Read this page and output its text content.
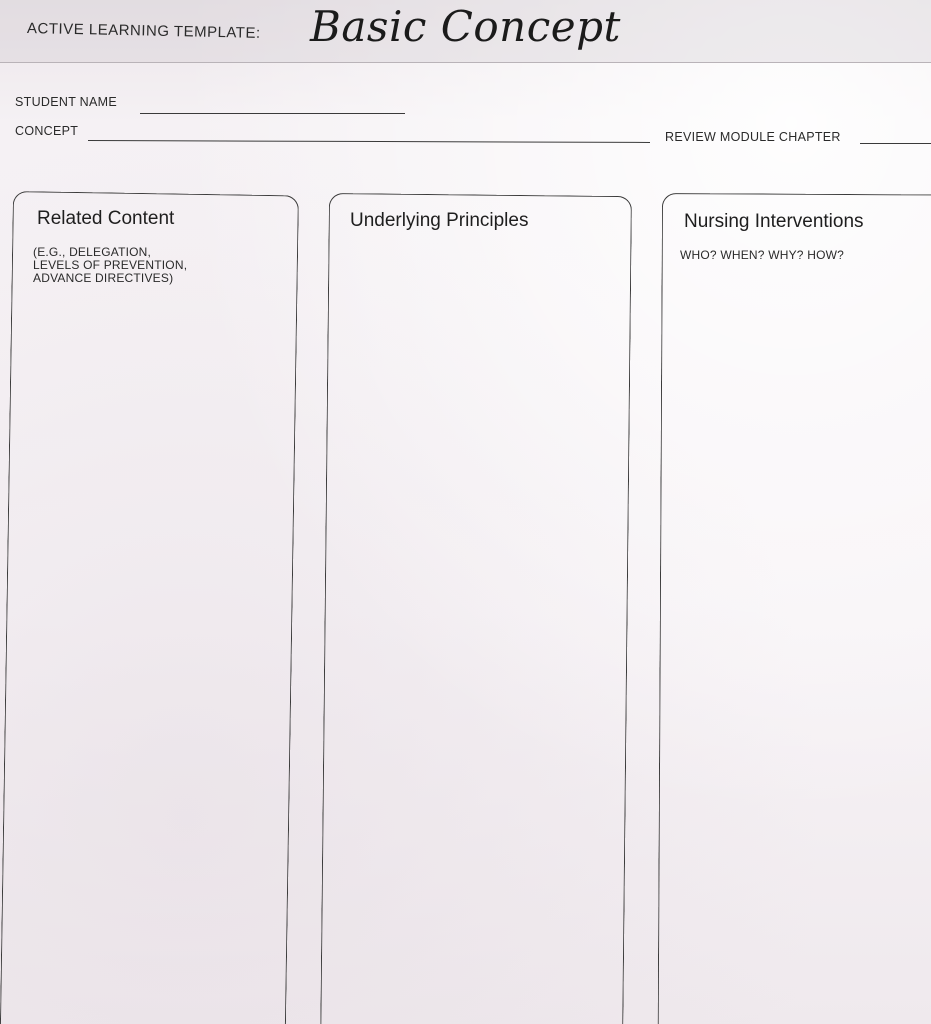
ACTIVE LEARNING TEMPLATE: Basic Concept
STUDENT NAME
CONCEPT	REVIEW MODULE CHAPTER
Related Content
(E.G., DELEGATION,
LEVELS OF PREVENTION,
ADVANCE DIRECTIVES)
Underlying Principles	Nursing Interventions
WHO? WHEN? WHY? HOW?
